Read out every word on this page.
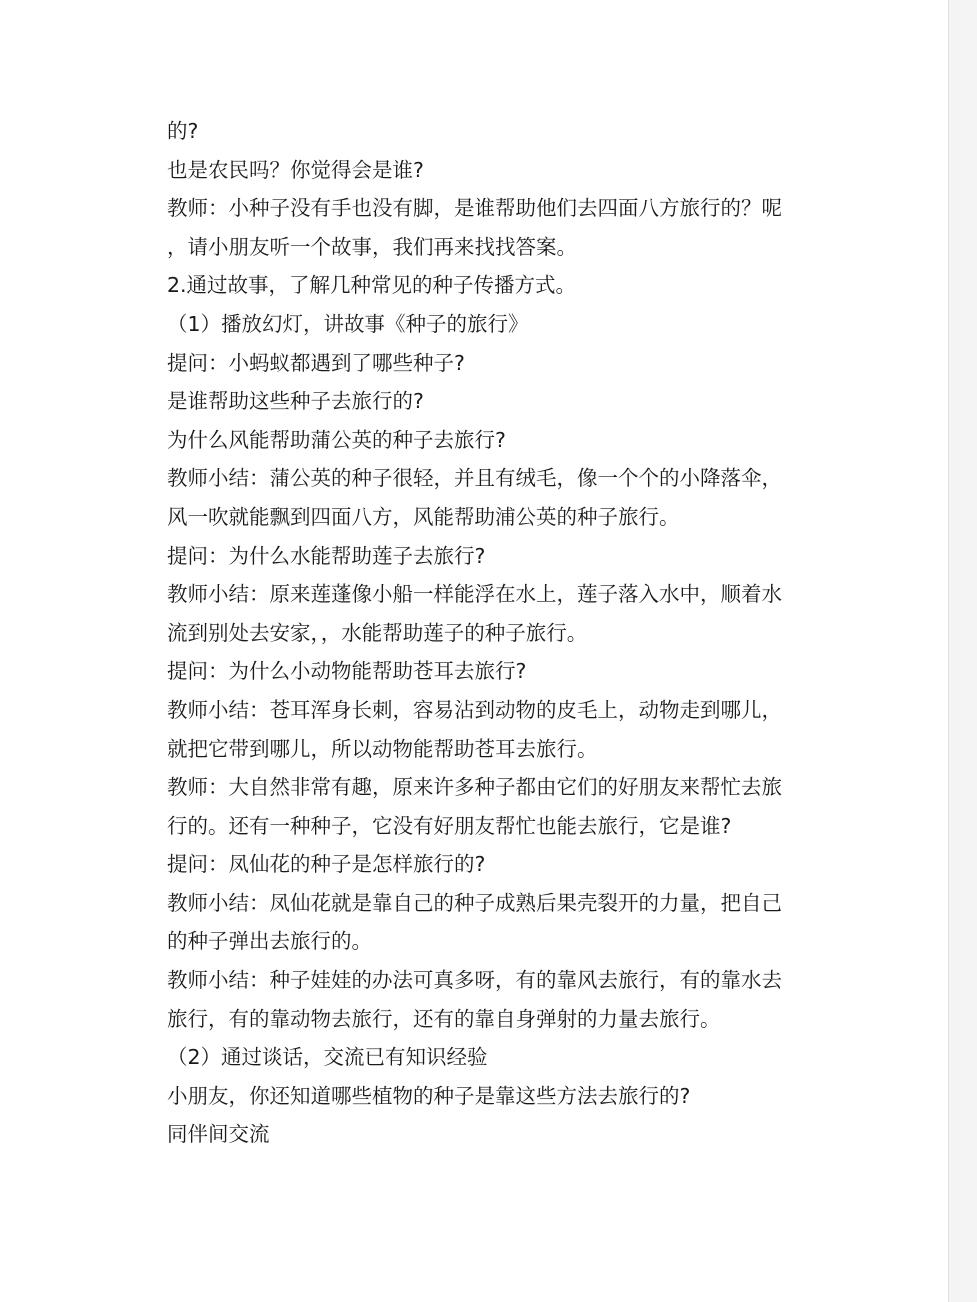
的?
也是农民吗？你觉得会是谁?
教师：小种子没有手也没有脚，是谁帮助他们去四面八方旅行的？呢
，请小朋友听一个故事，我们再来找找答案。
2.通过故事，了解几种常见的种子传播方式。
（1）播放幻灯，讲故事《种子的旅行》
提问：小蚂蚁都遇到了哪些种子?
是谁帮助这些种子去旅行的?
为什么风能帮助蒲公英的种子去旅行?
教师小结：蒲公英的种子很轻，并且有绒毛，像一个个的小降落伞，
风一吹就能飘到四面八方，风能帮助浦公英的种子旅行。
提问：为什么水能帮助莲子去旅行?
教师小结：原来莲蓬像小船一样能浮在水上，莲子落入水中，顺着水
流到别处去安家，，水能帮助莲子的种子旅行。
提问：为什么小动物能帮助苍耳去旅行?
教师小结：苍耳浑身长刺，容易沾到动物的皮毛上，动物走到哪儿，
就把它带到哪儿，所以动物能帮助苍耳去旅行。
教师：大自然非常有趣，原来许多种子都由它们的好朋友来帮忙去旅
行的。还有一种种子，它没有好朋友帮忙也能去旅行，它是谁?
提问：凤仙花的种子是怎样旅行的?
教师小结：凤仙花就是靠自己的种子成熟后果壳裂开的力量，把自己
的种子弹出去旅行的。
教师小结：种子娃娃的办法可真多呀，有的靠风去旅行，有的靠水去
旅行，有的靠动物去旅行，还有的靠自身弹射的力量去旅行。
（2）通过谈话，交流已有知识经验
小朋友，你还知道哪些植物的种子是靠这些方法去旅行的?
同伴间交流
